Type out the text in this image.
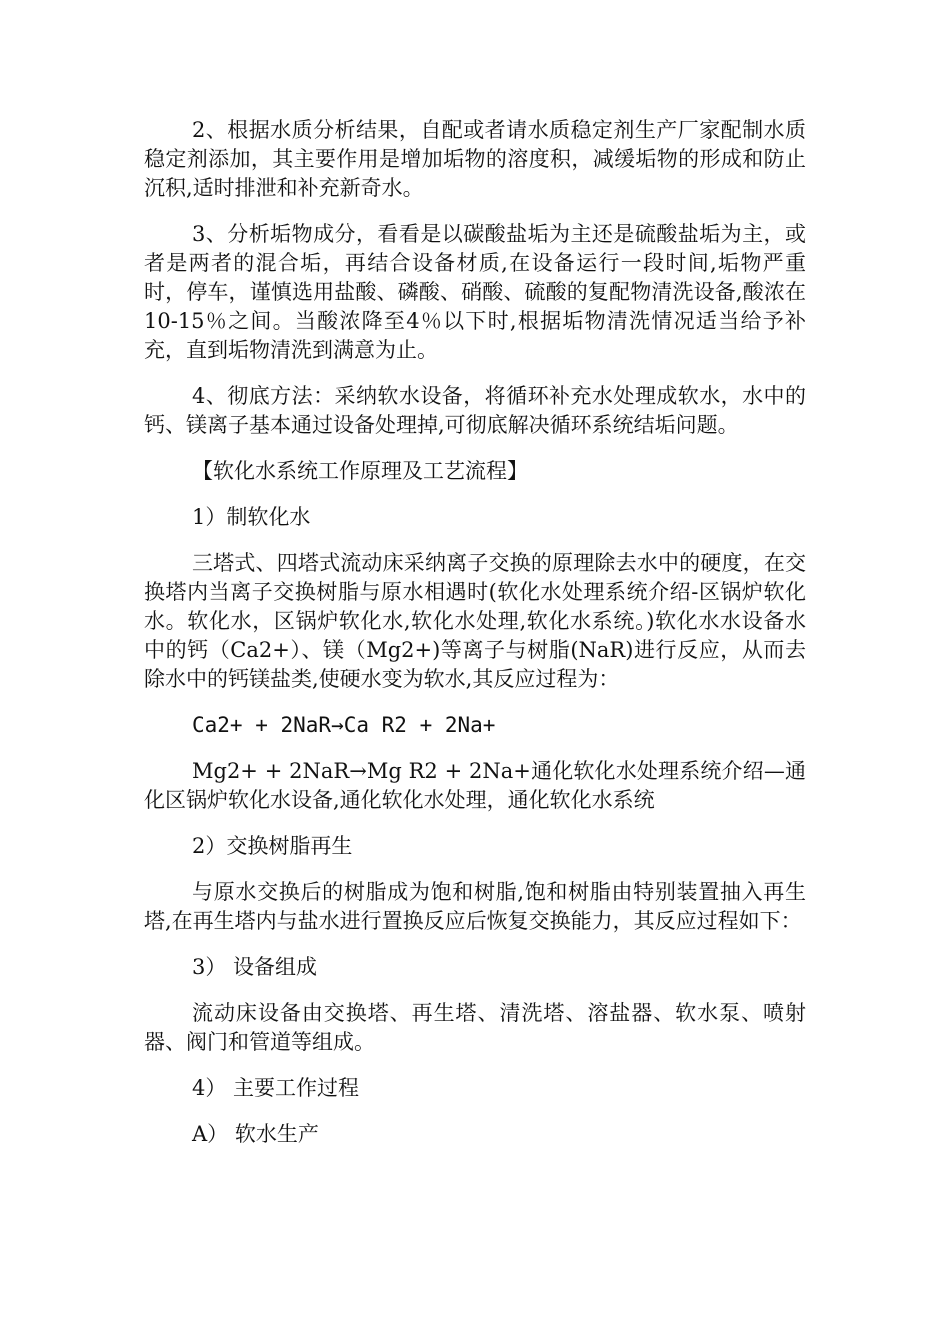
2、根据水质分析结果，自配或者请水质稳定剂生产厂家配制水质稳定剂添加，其主要作用是增加垢物的溶度积，减缓垢物的形成和防止沉积,适时排泄和补充新奇水。

3、分析垢物成分，看看是以碳酸盐垢为主还是硫酸盐垢为主，或者是两者的混合垢，再结合设备材质,在设备运行一段时间,垢物严重时，停车，谨慎选用盐酸、磷酸、硝酸、硫酸的复配物清洗设备,酸浓在10-15％之间。当酸浓降至4％以下时,根据垢物清洗情况适当给予补充，直到垢物清洗到满意为止。

4、彻底方法：采纳软水设备，将循环补充水处理成软水，水中的钙、镁离子基本通过设备处理掉,可彻底解决循环系统结垢问题。

【软化水系统工作原理及工艺流程】

1）制软化水

三塔式、四塔式流动床采纳离子交换的原理除去水中的硬度，在交换塔内当离子交换树脂与原水相遇时(软化水处理系统介绍-区锅炉软化水。软化水，区锅炉软化水,软化水处理,软化水系统。)软化水水设备水中的钙（Ca2+）、镁（Mg2+)等离子与树脂(NaR)进行反应，从而去除水中的钙镁盐类,使硬水变为软水,其反应过程为：

Ca2+ + 2NaR→Ca R2 + 2Na+

Mg2+ + 2NaR→Mg R2 + 2Na+通化软化水处理系统介绍—通化区锅炉软化水设备,通化软化水处理，通化软化水系统

2）交换树脂再生

与原水交换后的树脂成为饱和树脂,饱和树脂由特别装置抽入再生塔,在再生塔内与盐水进行置换反应后恢复交换能力，其反应过程如下：

3） 设备组成

流动床设备由交换塔、再生塔、清洗塔、溶盐器、软水泵、喷射器、阀门和管道等组成。

4） 主要工作过程

A） 软水生产
